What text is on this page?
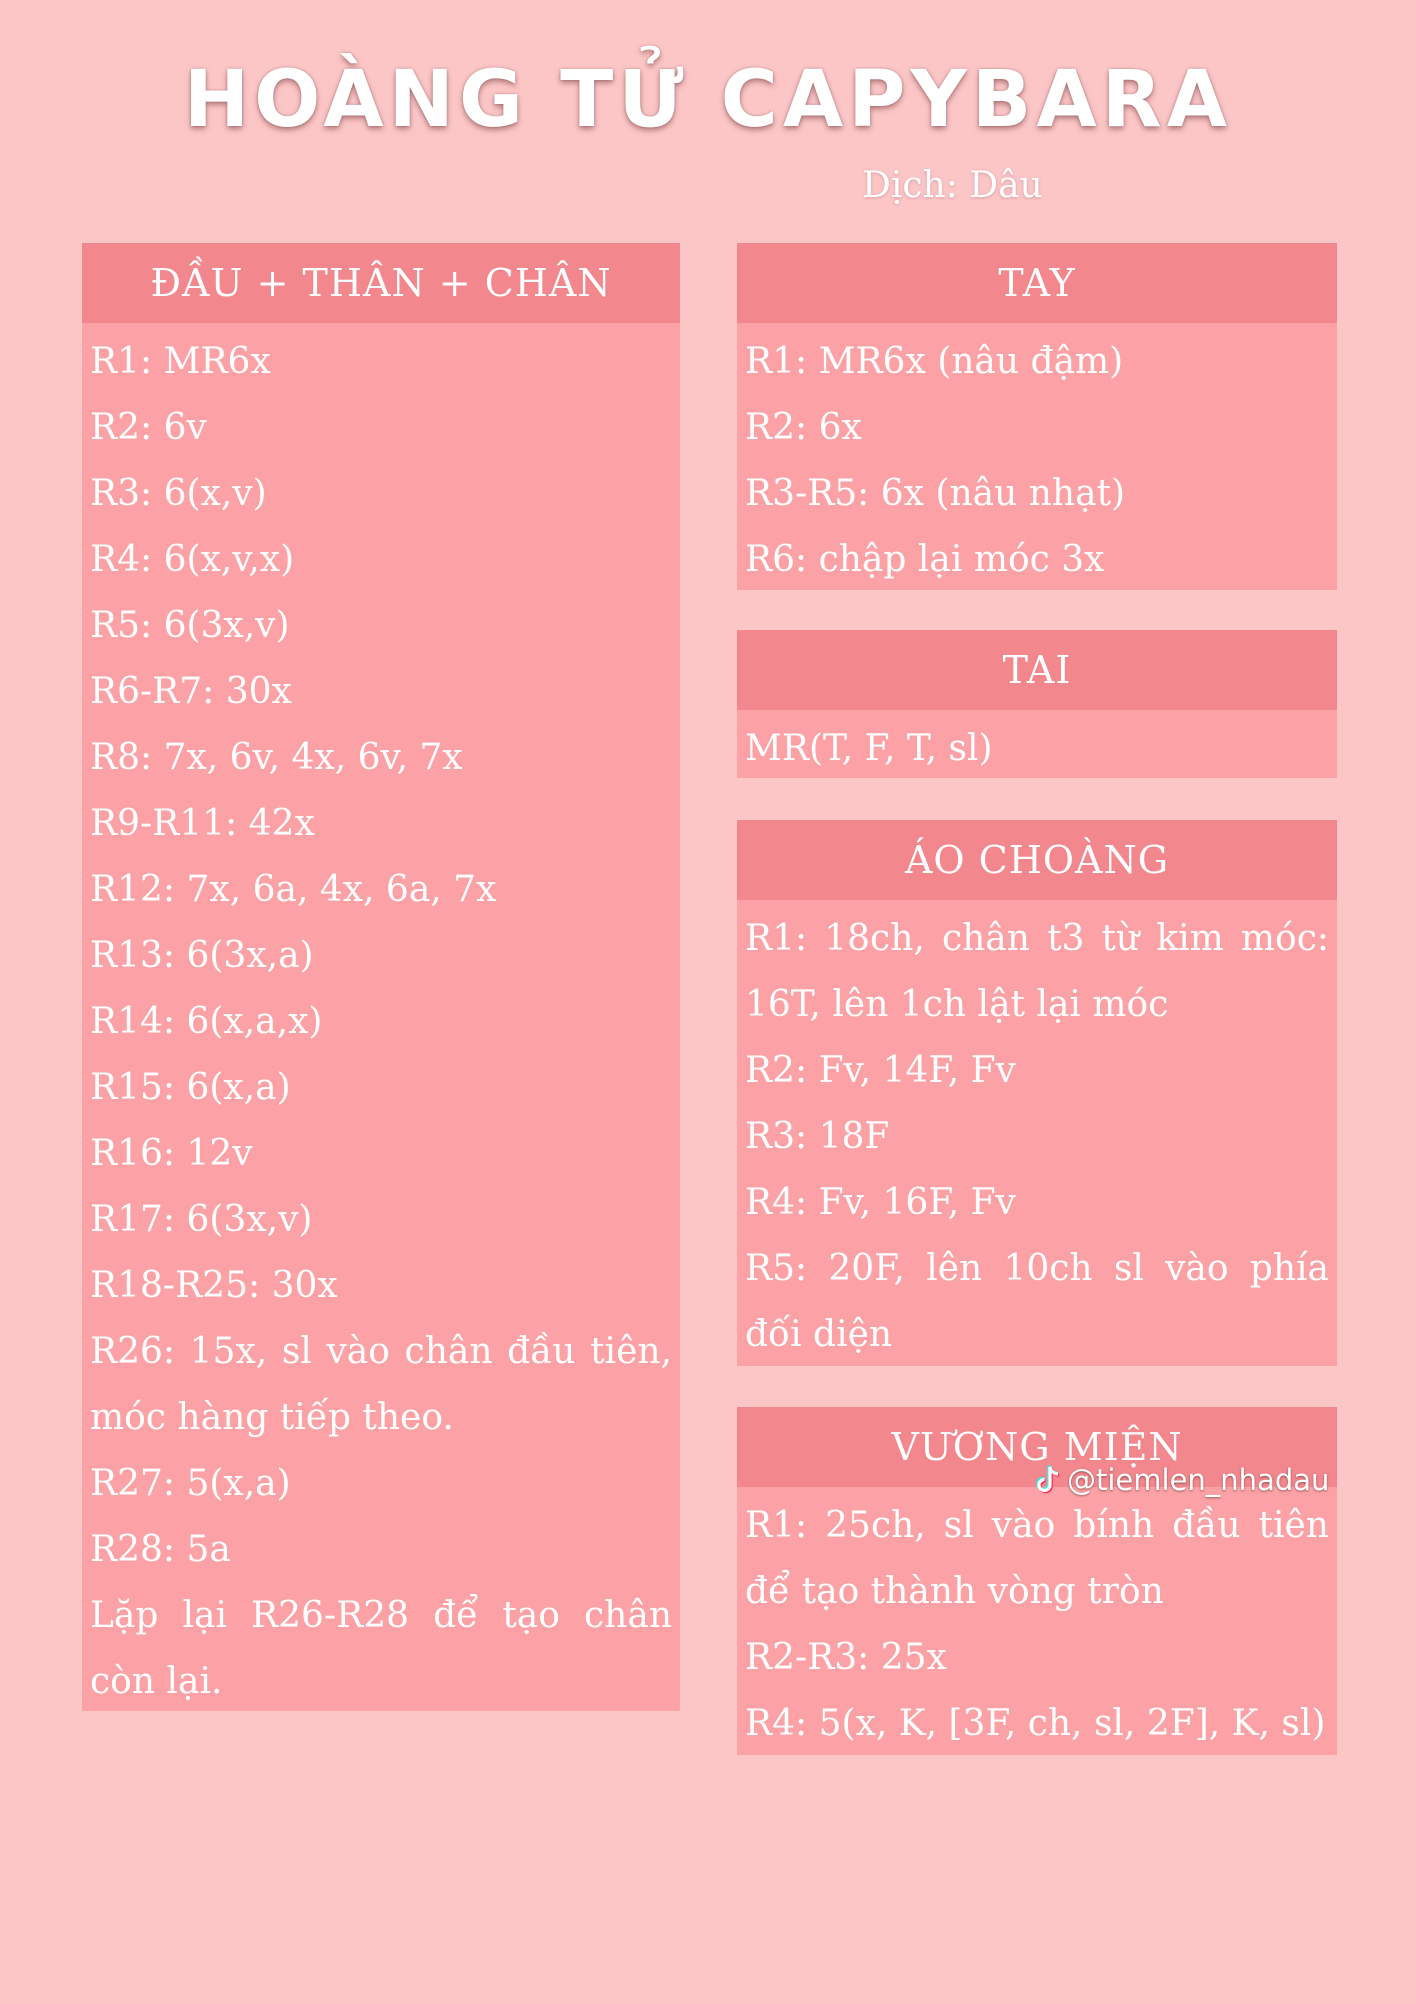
HOÀNG TỬ CAPYBARA
Dịch: Dâu
ĐẦU + THÂN + CHÂN
R1: MR6x
R2: 6v
R3: 6(x,v)
R4: 6(x,v,x)
R5: 6(3x,v)
R6-R7: 30x
R8: 7x, 6v, 4x, 6v, 7x
R9-R11: 42x
R12: 7x, 6a, 4x, 6a, 7x
R13: 6(3x,a)
R14: 6(x,a,x)
R15: 6(x,a)
R16: 12v
R17: 6(3x,v)
R18-R25: 30x
R26: 15x, sl vào chân đầu tiên, móc hàng tiếp theo.
R27: 5(x,a)
R28: 5a
Lặp lại R26-R28 để tạo chân còn lại.
TAY
R1: MR6x (nâu đậm)
R2: 6x
R3-R5: 6x (nâu nhạt)
R6: chập lại móc 3x
TAI
MR(T, F, T, sl)
ÁO CHOÀNG
R1: 18ch, chân t3 từ kim móc: 16T, lên 1ch lật lại móc
R2: Fv, 14F, Fv
R3: 18F
R4: Fv, 16F, Fv
R5: 20F, lên 10ch sl vào phía đối diện
VƯƠNG MIỆN
R1: 25ch, sl vào bính đầu tiên để tạo thành vòng tròn
R2-R3: 25x
R4: 5(x, K, [3F, ch, sl, 2F], K, sl)
@tiemlen_nhadau
